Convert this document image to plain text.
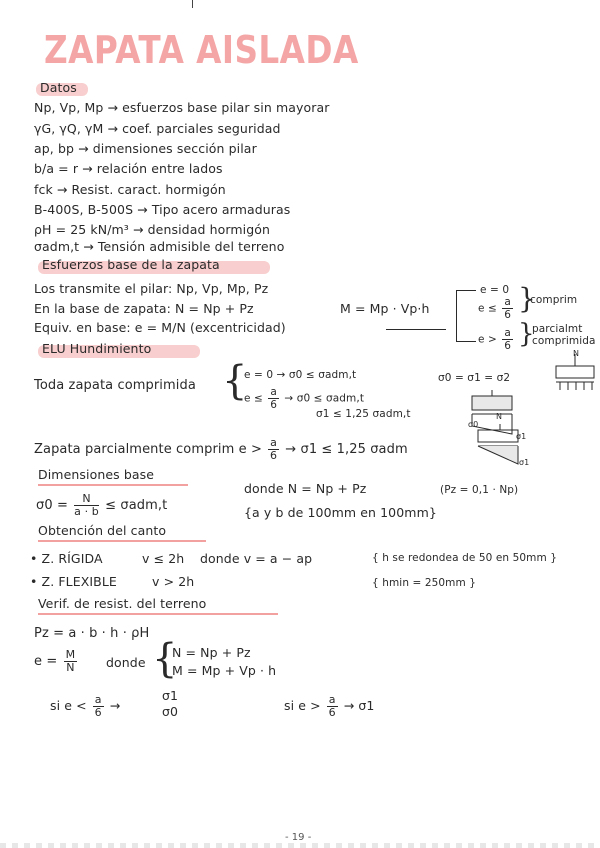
ZAPATA AISLADA
Datos
Np, Vp, Mp → esfuerzos base pilar sin mayorar
γG, γQ, γM → coef. parciales seguridad
ap, bp → dimensiones sección pilar
b/a = r → relación entre lados
fck → Resist. caract. hormigón
B-400S, B-500S → Tipo acero armaduras
ρH = 25 kN/m³ → densidad hormigón
σadm,t → Tensión admisible del terreno
Esfuerzos base de la zapata
Los transmite el pilar: Np, Vp, Mp, Pz
En la base de zapata: N = Np + Pz	M = Mp · Vp·h
Equiv. en base: e = M/N (excentricidad)
e = 0
$e \le \frac{a}{6}$ }
comprim
$e > \frac{a}{6}$ }
parcialmt
comprimida
ELU Hundimiento
Toda zapata comprimida {
e = 0 → σ0 ≤ σadm,t	σ0 = σ1 = σ2
$e \le \frac{a}{6} \to \sigma 0 \le \sigma adm,t$
σ1 ≤ 1,25 σadm,t
N
σ0
σ1
Zapata parcialmente comprim $e > \frac{a}{6} \to \sigma 1 \le 1,25$ σadm
N
σ1
Dimensiones base
$\sigma 0 = \frac{N}{a \cdot b} \le \sigma adm,t$
donde N = Np + Pz	(Pz = 0,1 · Np)
{a y b de 100mm en 100mm}
Obtención del canto
• Z. RÍGIDA	v ≤ 2h donde v = a − ap	{ h se redondea de 50 en 50mm }
• Z. FLEXIBLE	v > 2h	{ hmin = 250mm }
Verif. de resist. del terreno
Pz = a · b · h · ρH
$e = \frac{M}{N}$ donde {
N = Np + Pz
M = Mp + Vp · h
si $e < \frac{a}{6}$ →
σ1
σ0	si $e > \frac{a}{6} \to \sigma 1$
- 19 -
